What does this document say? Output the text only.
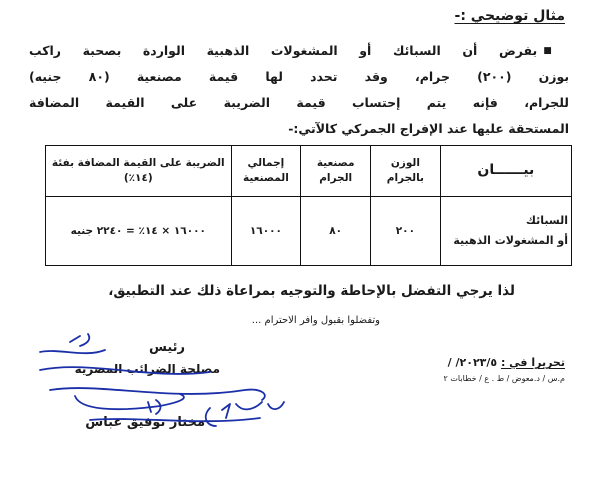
مثال توضيحي :-
■بفرض أن السبائك أو المشغولات الذهبية الواردة بصحبة راكب
بوزن (٢٠٠) جرام، وقد تحدد لها قيمة مصنعية (٨٠ جنيه)
للجرام، فإنه يتم إحتساب قيمة الضريبة على القيمة المضافة
المستحقة عليها عند الإفراج الجمركي كالآتي:-
بيــــــان	الوزن بالجرام	مصنعية الجرام	إجمالي المصنعية	الضريبة على القيمة المضافة بفئة (١٤٪)

السبائك
أو المشغولات الذهبية	٢٠٠	٨٠	١٦٠٠٠	١٦٠٠٠ × ١٤٪ = ٢٢٤٠ جنيه
لذا يرجي التفضل بالإحاطة والتوجيه بمراعاة ذلك عند التطبيق،
وتفضلوا بقبول وافر الاحترام ...
رئيس
مصلحة الضرائب المصرية
مختار توفيق عباس
تحريرا في : ٢٠٢٣/٥/ /
م.س / د.معوض / ط . ع / خطابات ٢
